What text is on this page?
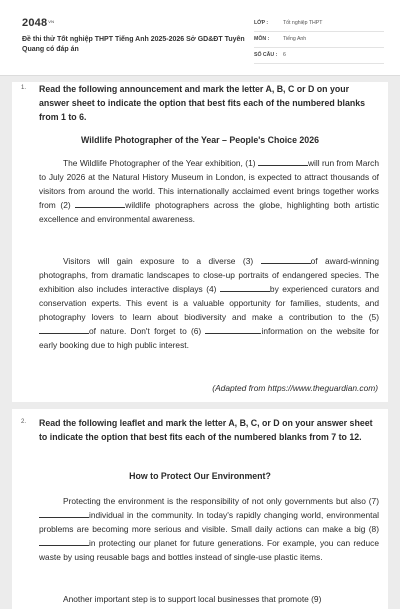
$2048^{VN}$
Đề thi thử Tốt nghiệp THPT Tiếng Anh 2025-2026 Sở GD&ĐT Tuyên Quang có đáp án
LỚP :	Tốt nghiệp THPT
MÔN :	Tiếng Anh
SỐ CÂU : 6
1. Read the following announcement and mark the letter A, B, C or D on your answer sheet to indicate the option that best fits each of the numbered blanks from 1 to 6.
Wildlife Photographer of the Year – People's Choice 2026
The Wildlife Photographer of the Year exhibition, (1)	will run from March to July 2026 at the Natural History Museum in London, is expected to attract thousands of visitors from around the world. This internationally acclaimed event brings together works from (2)	wildlife photographers across the globe, highlighting both artistic excellence and environmental awareness.
Visitors will gain exposure to a diverse (3)	of award-winning photographs, from dramatic landscapes to close-up portraits of endangered species. The exhibition also includes interactive displays (4)	by experienced curators and conservation experts. This event is a valuable opportunity for families, students, and photography lovers to learn about biodiversity and make a contribution to the (5) of nature. Don't forget to (6)	information on the website for early booking due to high public interest.
(Adapted from https://www.theguardian.com)
2. Read the following leaflet and mark the letter A, B, C, or D on your answer sheet to indicate the option that best fits each of the numbered blanks from 7 to 12.
How to Protect Our Environment?
Protecting the environment is the responsibility of not only governments but also (7) individual in the community. In today's rapidly changing world, environmental problems are becoming more serious and visible. Small daily actions can make a big (8) in protecting our planet for future generations. For example, you can reduce waste by using reusable bags and bottles instead of single-use plastic items.
Another important step is to support local businesses that promote (9)
